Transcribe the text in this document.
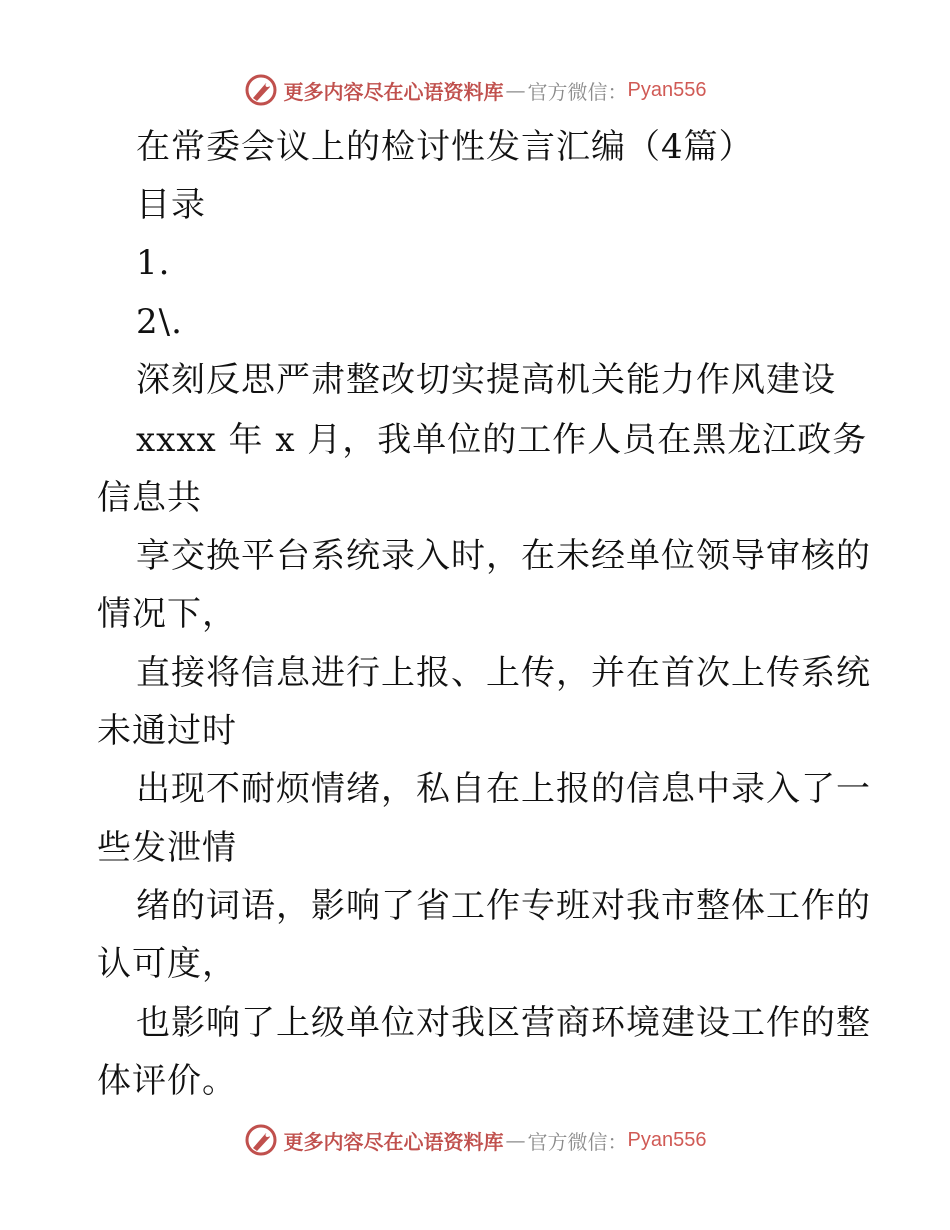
更多内容尽在心语资料库 — 官方微信： Pyan556
在常委会议上的检讨性发言汇编（4篇）
目录
1.
2\.
深刻反思严肃整改切实提高机关能力作风建设
xxxx 年 x 月，我单位的工作人员在黑龙江政务
信息共
享交换平台系统录入时，在未经单位领导审核的
情况下，
直接将信息进行上报、上传，并在首次上传系统
未通过时
出现不耐烦情绪，私自在上报的信息中录入了一
些发泄情
绪的词语，影响了省工作专班对我市整体工作的
认可度，
也影响了上级单位对我区营商环境建设工作的整
体评价。
更多内容尽在心语资料库 — 官方微信： Pyan556
